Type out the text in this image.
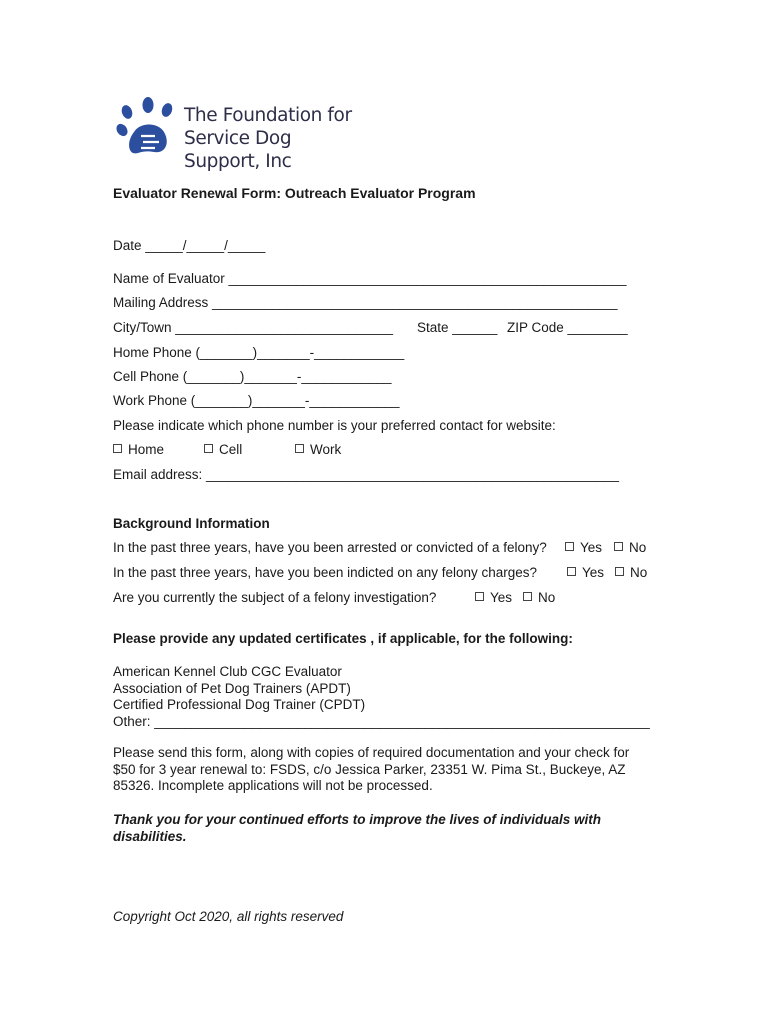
The Foundation for
Service Dog Support, Inc
Evaluator Renewal Form: Outreach Evaluator Program
Date _____/_____/_____
Name of Evaluator _____________________________________________________
Mailing Address ______________________________________________________
City/Town _____________________________ State ______ ZIP Code ________
Home Phone (_______)_______-____________
Cell Phone (_______)_______-____________
Work Phone (_______)_______-____________
Please indicate which phone number is your preferred contact for website:
Home	Cell	Work
Email address: _______________________________________________________
Background Information
In the past three years, have you been arrested or convicted of a felony?	Yes	No
In the past three years, have you been indicted on any felony charges?	Yes	No
Are you currently the subject of a felony investigation?	Yes	No
Please provide any updated certificates , if applicable, for the following:
American Kennel Club CGC Evaluator
Association of Pet Dog Trainers (APDT)
Certified Professional Dog Trainer (CPDT)
Other: __________________________________________________________________
Please send this form, along with copies of required documentation and your check for $50 for 3 year renewal to: FSDS, c/o Jessica Parker, 23351 W. Pima St., Buckeye, AZ 85326. Incomplete applications will not be processed.
Thank you for your continued efforts to improve the lives of individuals with disabilities.
Copyright Oct 2020, all rights reserved
